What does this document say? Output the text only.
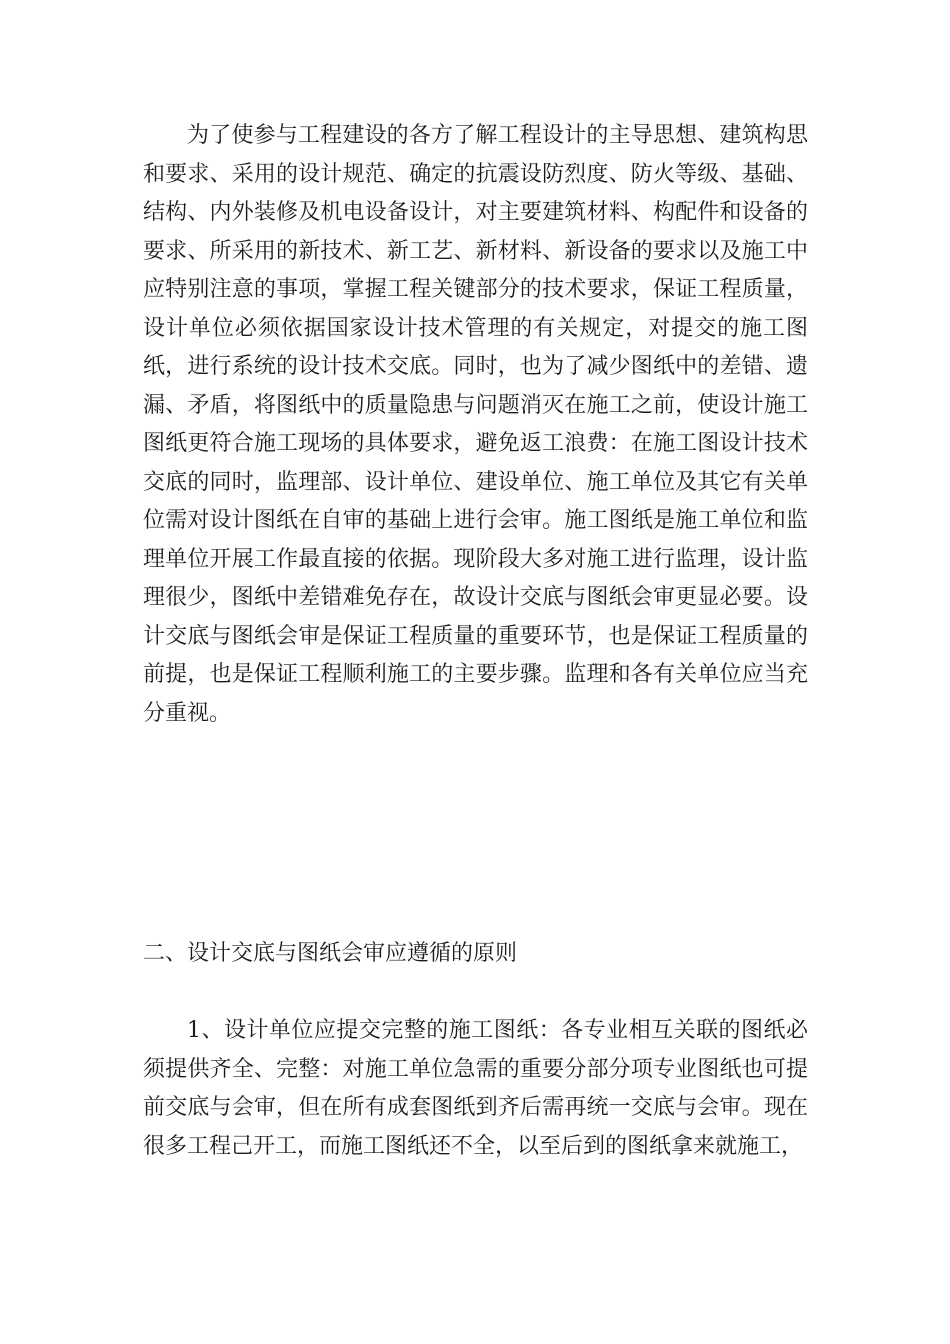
为了使参与工程建设的各方了解工程设计的主导思想、建筑构思和要求、采用的设计规范、确定的抗震设防烈度、防火等级、基础、结构、内外装修及机电设备设计，对主要建筑材料、构配件和设备的要求、所采用的新技术、新工艺、新材料、新设备的要求以及施工中应特别注意的事项，掌握工程关键部分的技术要求，保证工程质量，设计单位必须依据国家设计技术管理的有关规定，对提交的施工图纸，进行系统的设计技术交底。同时，也为了减少图纸中的差错、遗漏、矛盾，将图纸中的质量隐患与问题消灭在施工之前，使设计施工图纸更符合施工现场的具体要求，避免返工浪费：在施工图设计技术交底的同时，监理部、设计单位、建设单位、施工单位及其它有关单位需对设计图纸在自审的基础上进行会审。施工图纸是施工单位和监理单位开展工作最直接的依据。现阶段大多对施工进行监理，设计监理很少，图纸中差错难免存在，故设计交底与图纸会审更显必要。设计交底与图纸会审是保证工程质量的重要环节，也是保证工程质量的前提，也是保证工程顺利施工的主要步骤。监理和各有关单位应当充分重视。

二、设计交底与图纸会审应遵循的原则

1、设计单位应提交完整的施工图纸：各专业相互关联的图纸必须提供齐全、完整：对施工单位急需的重要分部分项专业图纸也可提前交底与会审，但在所有成套图纸到齐后需再统一交底与会审。现在很多工程己开工，而施工图纸还不全，以至后到的图纸拿来就施工，
